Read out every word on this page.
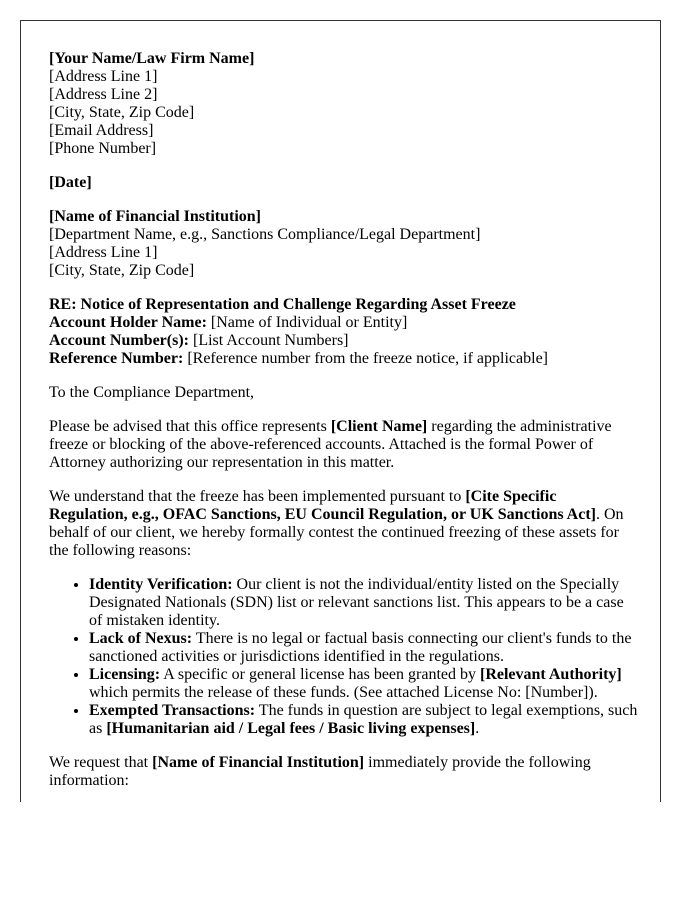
[Your Name/Law Firm Name]
[Address Line 1]
[Address Line 2]
[City, State, Zip Code]
[Email Address]
[Phone Number]
[Date]
[Name of Financial Institution]
[Department Name, e.g., Sanctions Compliance/Legal Department]
[Address Line 1]
[City, State, Zip Code]
RE: Notice of Representation and Challenge Regarding Asset Freeze
Account Holder Name: [Name of Individual or Entity]
Account Number(s): [List Account Numbers]
Reference Number: [Reference number from the freeze notice, if applicable]

To the Compliance Department,

Please be advised that this office represents [Client Name] regarding the administrative freeze or blocking of the above-referenced accounts. Attached is the formal Power of Attorney authorizing our representation in this matter.

We understand that the freeze has been implemented pursuant to [Cite Specific Regulation, e.g., OFAC Sanctions, EU Council Regulation, or UK Sanctions Act]. On behalf of our client, we hereby formally contest the continued freezing of these assets for the following reasons:

• Identity Verification: Our client is not the individual/entity listed on the Specially Designated Nationals (SDN) list or relevant sanctions list. This appears to be a case of mistaken identity.
• Lack of Nexus: There is no legal or factual basis connecting our client's funds to the sanctioned activities or jurisdictions identified in the regulations.
• Licensing: A specific or general license has been granted by [Relevant Authority] which permits the release of these funds. (See attached License No: [Number]).
• Exempted Transactions: The funds in question are subject to legal exemptions, such as [Humanitarian aid / Legal fees / Basic living expenses].

We request that [Name of Financial Institution] immediately provide the following information:
